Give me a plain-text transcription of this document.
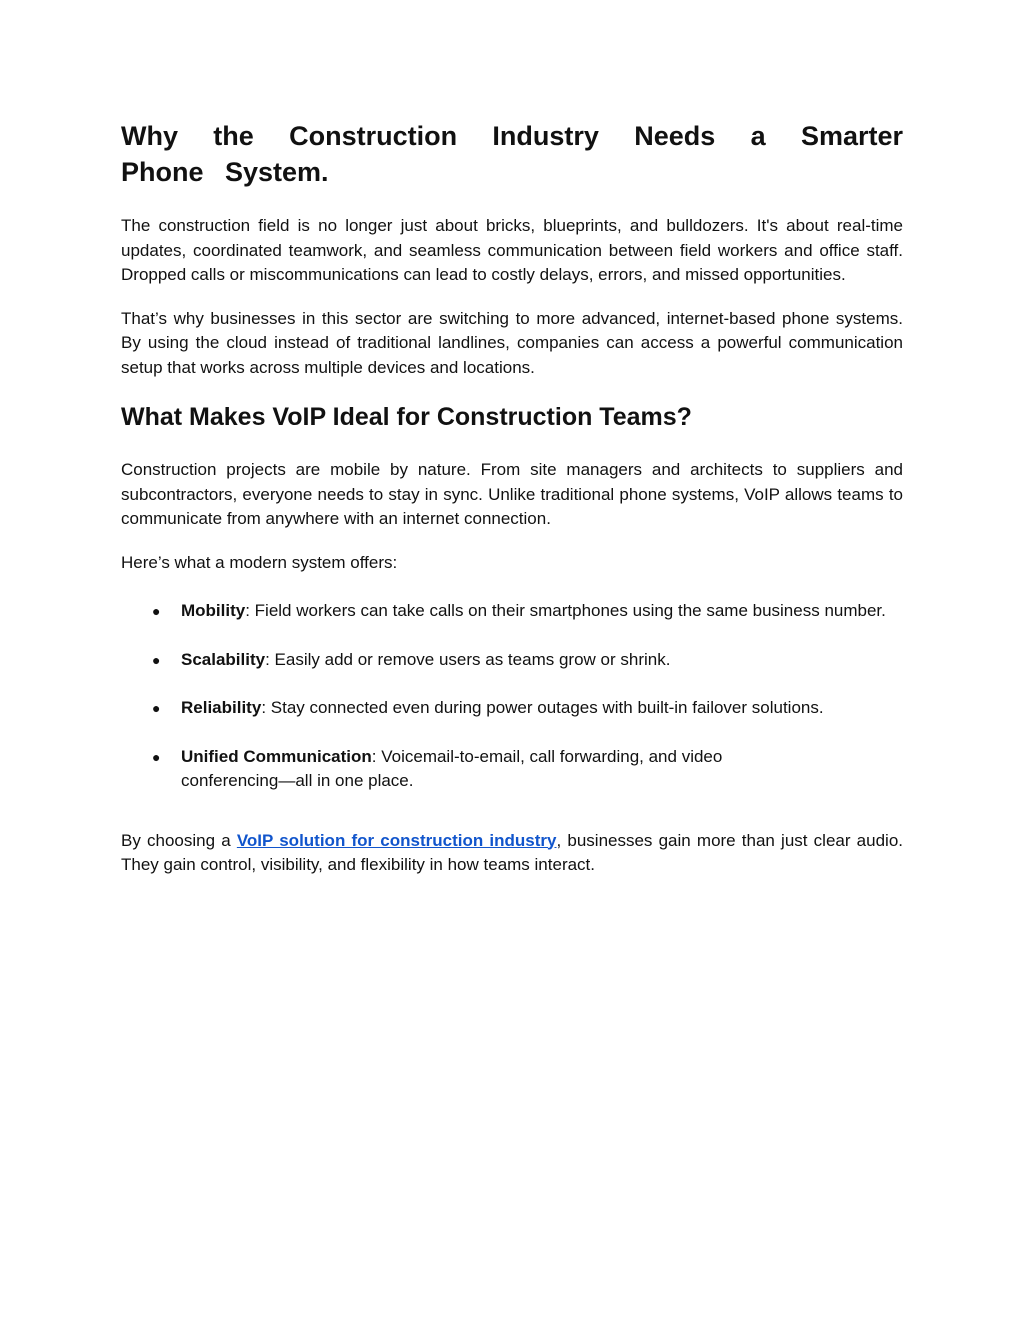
Why the Construction Industry Needs a Smarter Phone System.

The construction field is no longer just about bricks, blueprints, and bulldozers. It's about real-time updates, coordinated teamwork, and seamless communication between field workers and office staff. Dropped calls or miscommunications can lead to costly delays, errors, and missed opportunities.

That’s why businesses in this sector are switching to more advanced, internet-based phone systems. By using the cloud instead of traditional landlines, companies can access a powerful communication setup that works across multiple devices and locations.

What Makes VoIP Ideal for Construction Teams?

Construction projects are mobile by nature. From site managers and architects to suppliers and subcontractors, everyone needs to stay in sync. Unlike traditional phone systems, VoIP allows teams to communicate from anywhere with an internet connection.

Here’s what a modern system offers:

● Mobility: Field workers can take calls on their smartphones using the same business number.
● Scalability: Easily add or remove users as teams grow or shrink.
● Reliability: Stay connected even during power outages with built-in failover solutions.
● Unified Communication: Voicemail-to-email, call forwarding, and video conferencing—all in one place.

By choosing a VoIP solution for construction industry, businesses gain more than just clear audio. They gain control, visibility, and flexibility in how teams interact.
